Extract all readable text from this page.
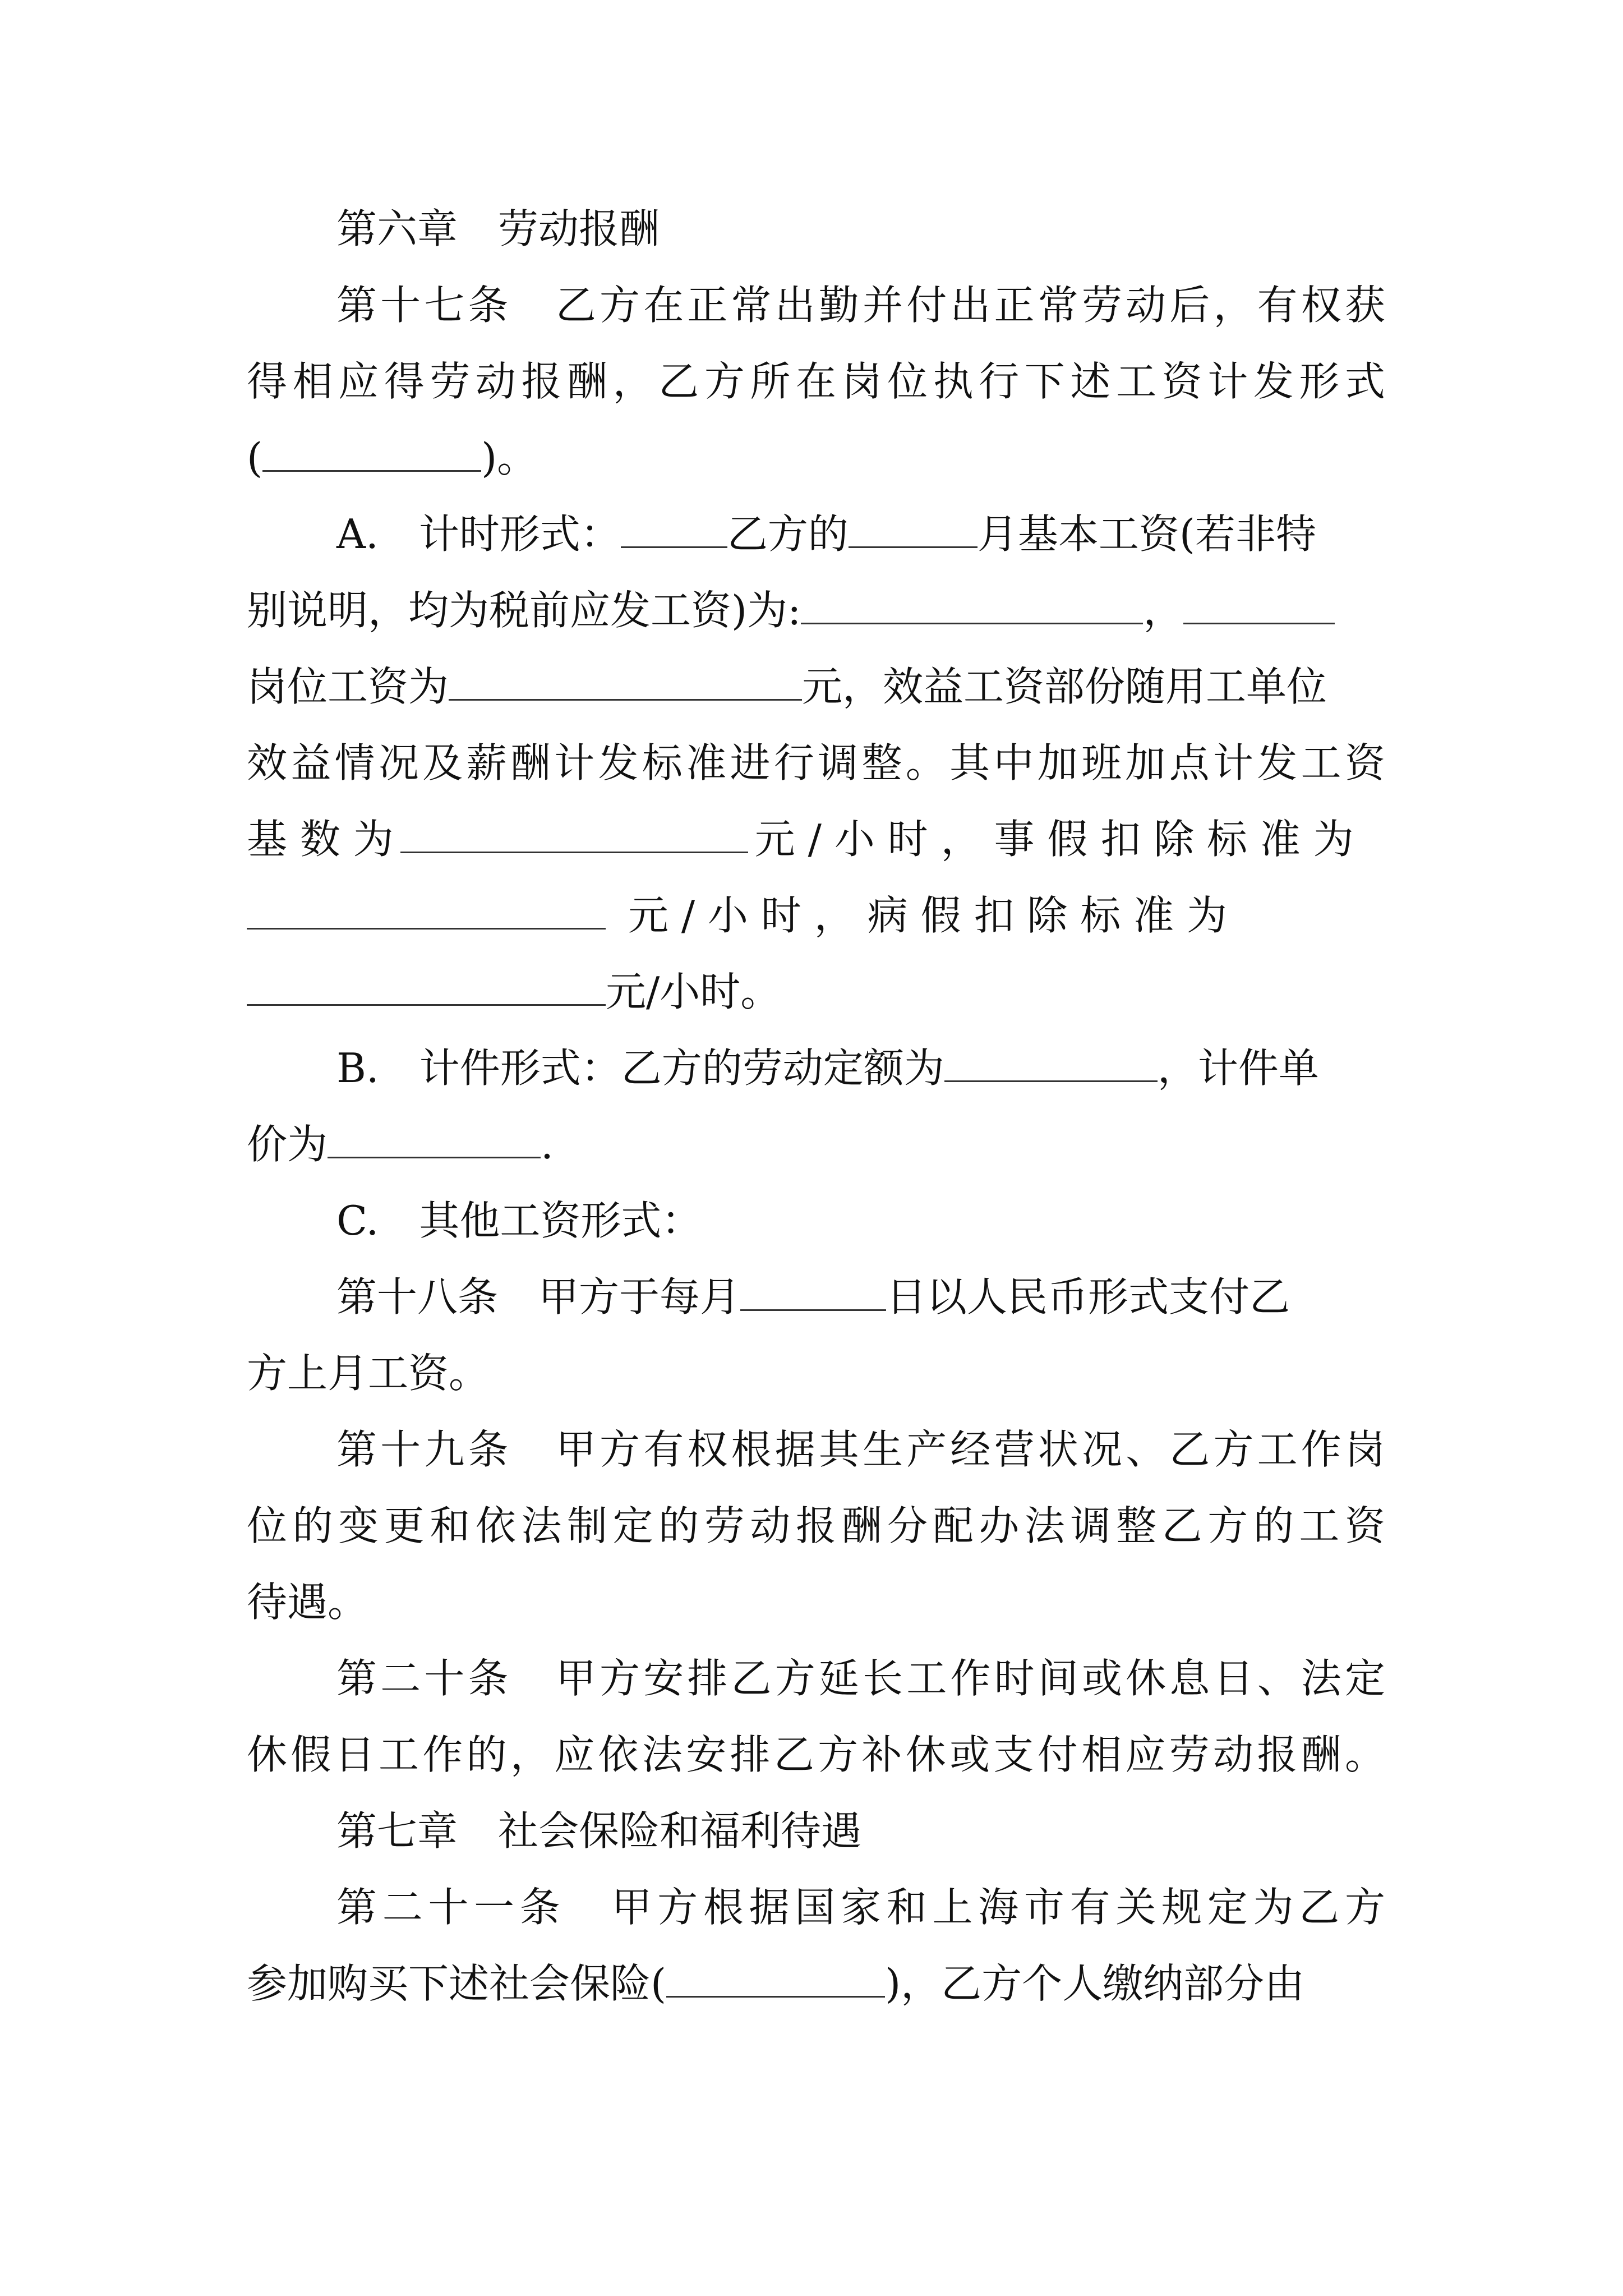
第六章　劳动报酬
第十七条　乙方在正常出勤并付出正常劳动后，有权获
得相应得劳动报酬，乙方所在岗位执行下述工资计发形式
(	)。
A. 计时形式：	乙方的	月基本工资(若非特
别说明，均为税前应发工资)为:	，
岗位工资为	元，效益工资部份随用工单位
效益情况及薪酬计发标准进行调整。其中加班加点计发工资
基 数 为	元 / 小 时 ， 事 假 扣 除 标 准 为
元 / 小 时 ， 病 假 扣 除 标 准 为
元/小时。
B. 计件形式：乙方的劳动定额为	，计件单
价为	.
C. 其他工资形式：
第十八条　甲方于每月	日以人民币形式支付乙
方上月工资。
第十九条　甲方有权根据其生产经营状况、乙方工作岗
位的变更和依法制定的劳动报酬分配办法调整乙方的工资
待遇。
第二十条　甲方安排乙方延长工作时间或休息日、法定
休假日工作的，应依法安排乙方补休或支付相应劳动报酬。
第七章　社会保险和福利待遇
第二十一条　甲方根据国家和上海市有关规定为乙方
参加购买下述社会保险(	)，乙方个人缴纳部分由
